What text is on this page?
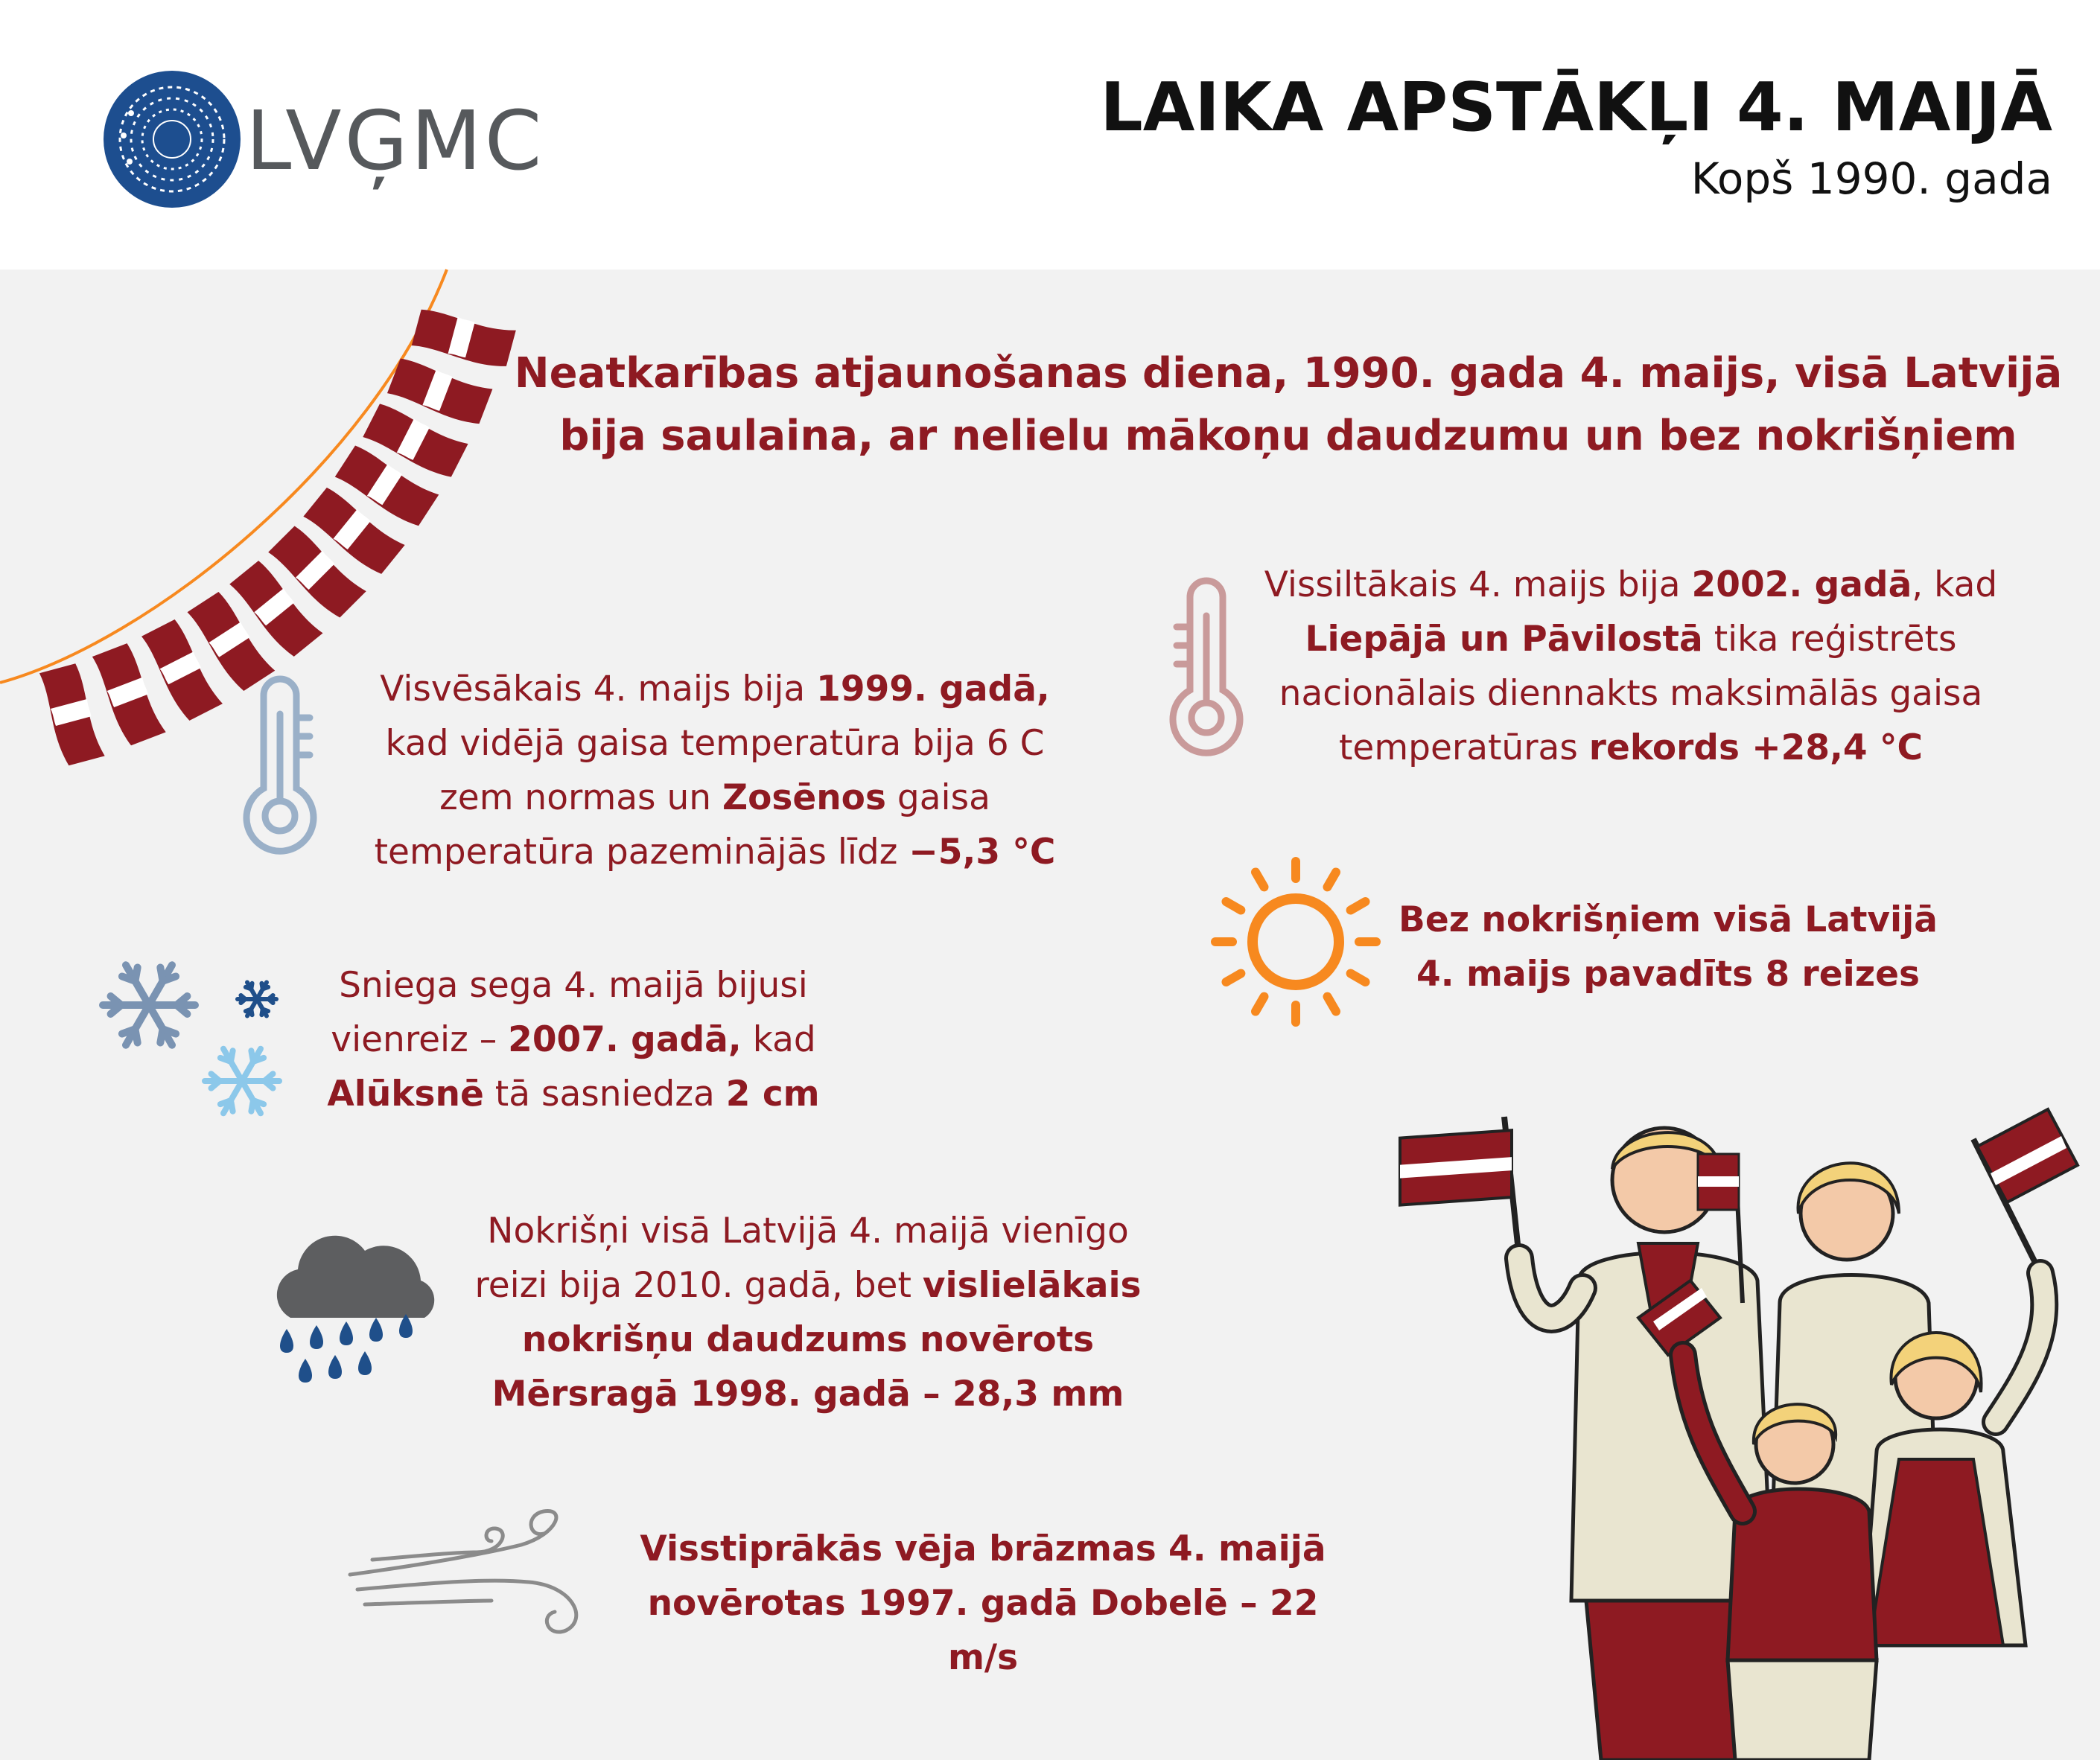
LVĢMC	LAIKA APSTĀKĻI 4. MAIJĀ
Kopš 1990. gada
Neatkarības atjaunošanas diena, 1990. gada 4. maijs, visā Latvijā
bija saulaina, ar nelielu mākoņu daudzumu un bez nokrišņiem
Vissiltākais 4. maijs bija 2002. gadā, kad
Liepājā un Pāvilostā tika reģistrēts
nacionālais diennakts maksimālās gaisa
temperatūras rekords +28,4 °C
Visvēsākais 4. maijs bija 1999. gadā,
kad vidējā gaisa temperatūra bija 6 C
zem normas un Zosēnos gaisa
temperatūra pazeminājās līdz −5,3 °C
Bez nokrišņiem visā Latvijā
4. maijs pavadīts 8 reizes
Sniega sega 4. maijā bijusi
vienreiz – 2007. gadā, kad
Alūksnē tā sasniedza 2 cm
Nokrišņi visā Latvijā 4. maijā vienīgo
reizi bija 2010. gadā, bet vislielākais
nokrišņu daudzums novērots
Mērsragā 1998. gadā – 28,3 mm
Visstiprākās vēja brāzmas 4. maijā
novērotas 1997. gadā Dobelē – 22 m/s
